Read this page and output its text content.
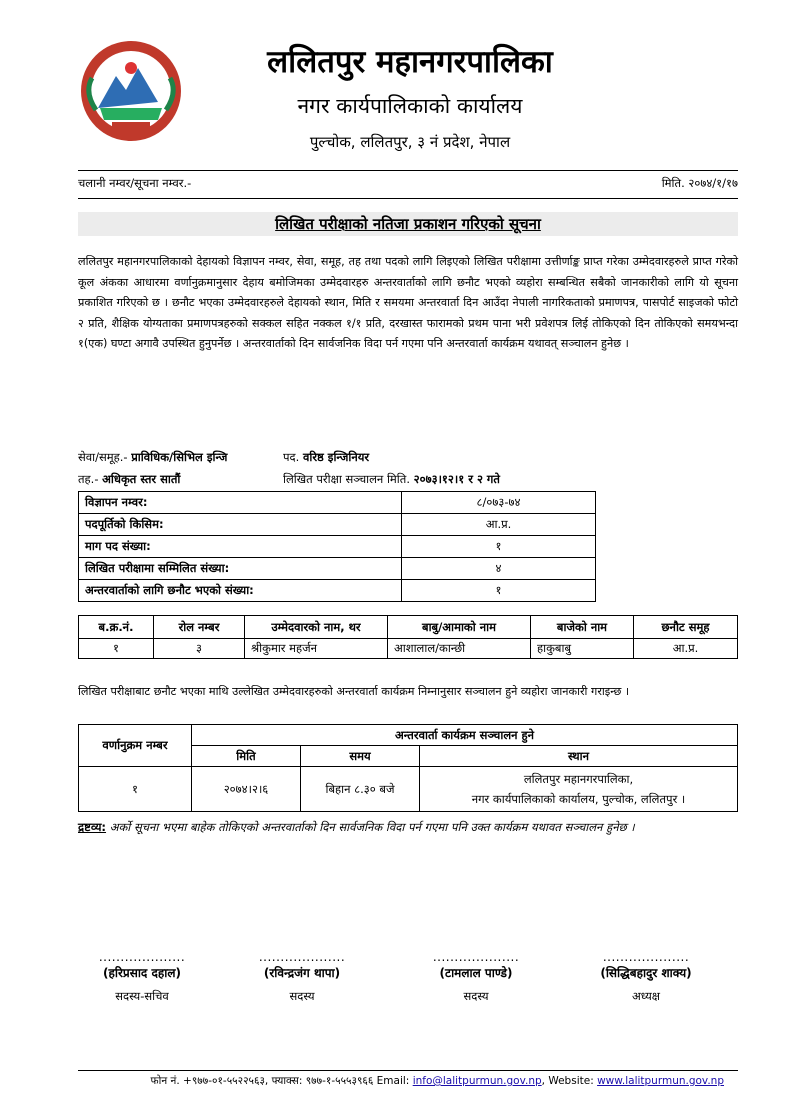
ललितपुर महानगरपालिका
नगर कार्यपालिकाको कार्यालय
पुल्चोक, ललितपुर, ३ नं प्रदेश, नेपाल
चलानी नम्वर/सूचना नम्वर.-	मिति. २०७४/१/१७
लिखित परीक्षाको नतिजा प्रकाशन गरिएको सूचना
ललितपुर महानगरपालिकाको देहायको विज्ञापन नम्वर, सेवा, समूह, तह तथा पदको लागि लिइएको लिखित परीक्षामा उत्तीर्णाङ्क प्राप्त गरेका उम्मेदवारहरुले प्राप्त गरेको कूल अंकका आधारमा वर्णानुक्रमानुसार देहाय बमोजिमका उम्मेदवारहरु अन्तरवार्ताको लागि छनौट भएको व्यहोरा सम्बन्धित सबैको जानकारीको लागि यो सूचना प्रकाशित गरिएको छ । छनौट भएका उम्मेदवारहरुले देहायको स्थान, मिति र समयमा अन्तरवार्ता दिन आउँदा नेपाली नागरिकताको प्रमाणपत्र, पासपोर्ट साइजको फोटो २ प्रति, शैक्षिक योग्यताका प्रमाणपत्रहरुको सक्कल सहित नक्कल १/१ प्रति, दरखास्त फारामको प्रथम पाना भरी प्रवेशपत्र लिई तोकिएको दिन तोकिएको समयभन्दा १(एक) घण्टा अगावै उपस्थित हुनुपर्नेछ । अन्तरवार्ताको दिन सार्वजनिक विदा पर्न गएमा पनि अन्तरवार्ता कार्यक्रम यथावत् सञ्चालन हुनेछ ।
सेवा/समूह.- प्राविधिक/सिभिल इन्जि	पद. वरिष्ठ इन्जिनियर
तह.- अधिकृत स्तर सातौं	लिखित परीक्षा सञ्चालन मिति. २०७३।१२।१ र २ गते
विज्ञापन नम्वर:	८/०७३-७४
पदपूर्तिको किसिम:	आ.प्र.
माग पद संख्या:	१
लिखित परीक्षामा सम्मिलित संख्या:	४
अन्तरवार्ताको लागि छनौट भएको संख्या:	१
ब.क्र.नं.	रोल नम्बर	उम्मेदवारको नाम, थर	बाबु/आमाको नाम	बाजेको नाम	छनौट समूह
१	३	श्रीकुमार महर्जन	आशालाल/कान्छी	हाकुबाबु	आ.प्र.
लिखित परीक्षाबाट छनौट भएका माथि उल्लेखित उम्मेदवारहरुको अन्तरवार्ता कार्यक्रम निम्नानुसार सञ्चालन हुने व्यहोरा जानकारी गराइन्छ ।
वर्णानुक्रम नम्बर	अन्तरवार्ता कार्यक्रम सञ्चालन हुने		
	मिति	समय	स्थान
१	२०७४।२।६	बिहान ८.३० बजे	ललितपुर महानगरपालिका,
नगर कार्यपालिकाको कार्यालय, पुल्चोक, ललितपुर ।
द्रष्टव्य: अर्को सूचना भएमा बाहेक तोकिएको अन्तरवार्ताको दिन सार्वजनिक विदा पर्न गएमा पनि उक्त कार्यक्रम यथावत सञ्चालन हुनेछ ।
....................
(हरिप्रसाद दहाल)
सदस्य-सचिव
....................
(रविन्द्रजंग थापा)
सदस्य
....................
(टामलाल पाण्डे)
सदस्य
....................
(सिद्धिबहादुर शाक्य)
अध्यक्ष
फोन नं. +९७७-०१-५५२२५६३, फ्याक्स: ९७७-१-५५५३९६६ Email: info@lalitpurmun.gov.np, Website: www.lalitpurmun.gov.np
